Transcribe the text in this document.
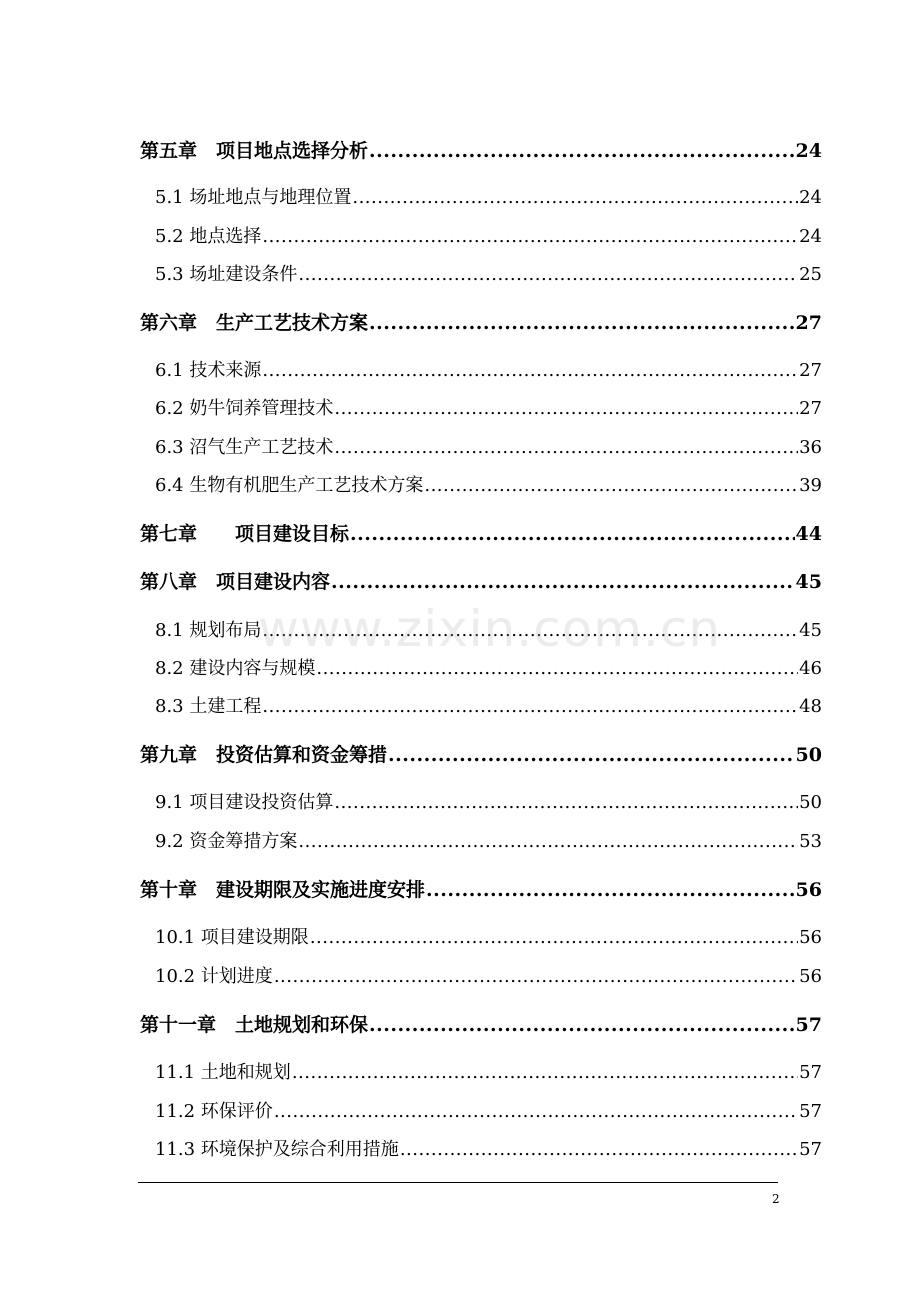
第五章　项目地点选择分析 .....	24
5.1 场址地点与地理位置 .....	24
5.2 地点选择 .....	24
5.3 场址建设条件 .....	25
第六章　生产工艺技术方案 .....	27
6.1 技术来源 .....	27
6.2 奶牛饲养管理技术 .....	27
6.3 沼气生产工艺技术 .....	36
6.4 生物有机肥生产工艺技术方案 .....	39
第七章　　项目建设目标 .....	44
第八章　项目建设内容 .....	45
8.1 规划布局 .....	45
8.2 建设内容与规模 .....	46
8.3 土建工程 .....	48
第九章　投资估算和资金筹措 .....	50
9.1 项目建设投资估算 .....	50
9.2 资金筹措方案 .....	53
第十章　建设期限及实施进度安排 .....	56
10.1 项目建设期限 .....	56
10.2 计划进度 .....	56
第十一章　土地规划和环保 .....	57
11.1 土地和规划 .....	57
11.2 环保评价 .....	57
11.3 环境保护及综合利用措施 .....	57
www.zixin.com.cn
2
